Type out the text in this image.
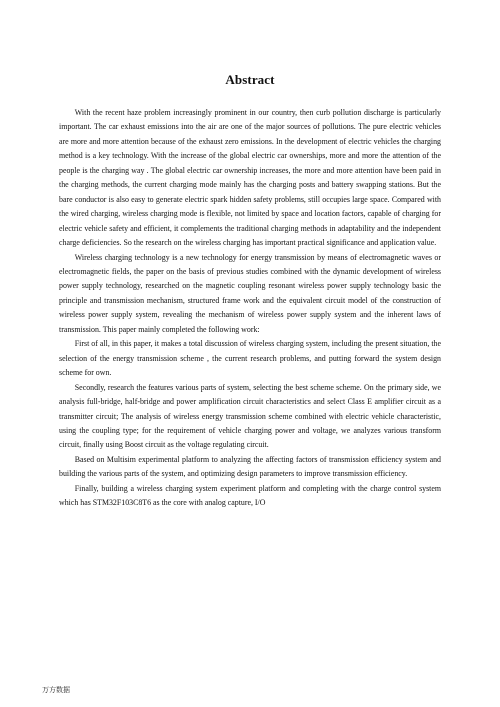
Abstract

With the recent haze problem increasingly prominent in our country, then curb pollution discharge is particularly important. The car exhaust emissions into the air are one of the major sources of pollutions. The pure electric vehicles are more and more attention because of the exhaust zero emissions. In the development of electric vehicles the charging method is a key technology. With the increase of the global electric car ownerships, more and more the attention of the people is the charging way . The global electric car ownership increases, the more and more attention have been paid in the charging methods, the current charging mode mainly has the charging posts and battery swapping stations. But the bare conductor is also easy to generate electric spark hidden safety problems, still occupies large space. Compared with the wired charging, wireless charging mode is flexible, not limited by space and location factors, capable of charging for electric vehicle safety and efficient, it complements the traditional charging methods in adaptability and the independent charge deficiencies. So the research on the wireless charging has important practical significance and application value.

Wireless charging technology is a new technology for energy transmission by means of electromagnetic waves or electromagnetic fields, the paper on the basis of previous studies combined with the dynamic development of wireless power supply technology, researched on the magnetic coupling resonant wireless power supply technology basic the principle and transmission mechanism, structured frame work and the equivalent circuit model of the construction of wireless power supply system, revealing the mechanism of wireless power supply system and the inherent laws of transmission. This paper mainly completed the following work:

First of all, in this paper, it makes a total discussion of wireless charging system, including the present situation, the selection of the energy transmission scheme , the current research problems, and putting forward the system design scheme for own.

Secondly, research the features various parts of system, selecting the best scheme scheme. On the primary side, we analysis full-bridge, half-bridge and power amplification circuit characteristics and select Class E amplifier circuit as a transmitter circuit; The analysis of wireless energy transmission scheme combined with electric vehicle characteristic, using the coupling type; for the requirement of vehicle charging power and voltage, we analyzes various transform circuit, finally using Boost circuit as the voltage regulating circuit.

Based on Multisim experimental platform to analyzing the affecting factors of transmission efficiency system and building the various parts of the system, and optimizing design parameters to improve transmission efficiency.

Finally, building a wireless charging system experiment platform and completing with the charge control system which has STM32F103C8T6 as the core with analog capture, I/O

万方数据
